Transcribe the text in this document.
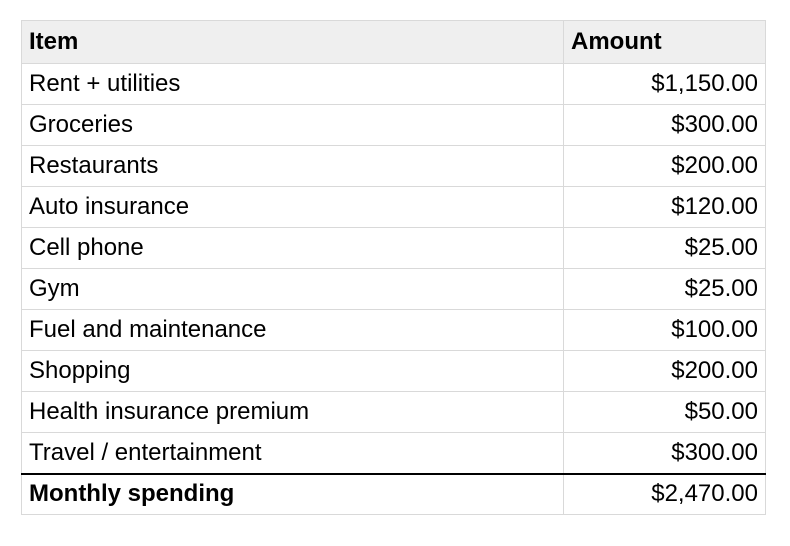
Item	Amount
Rent + utilities	$1,150.00
Groceries	$300.00
Restaurants	$200.00
Auto insurance	$120.00
Cell phone	$25.00
Gym	$25.00
Fuel and maintenance	$100.00
Shopping	$200.00
Health insurance premium	$50.00
Travel / entertainment	$300.00
Monthly spending	$2,470.00
